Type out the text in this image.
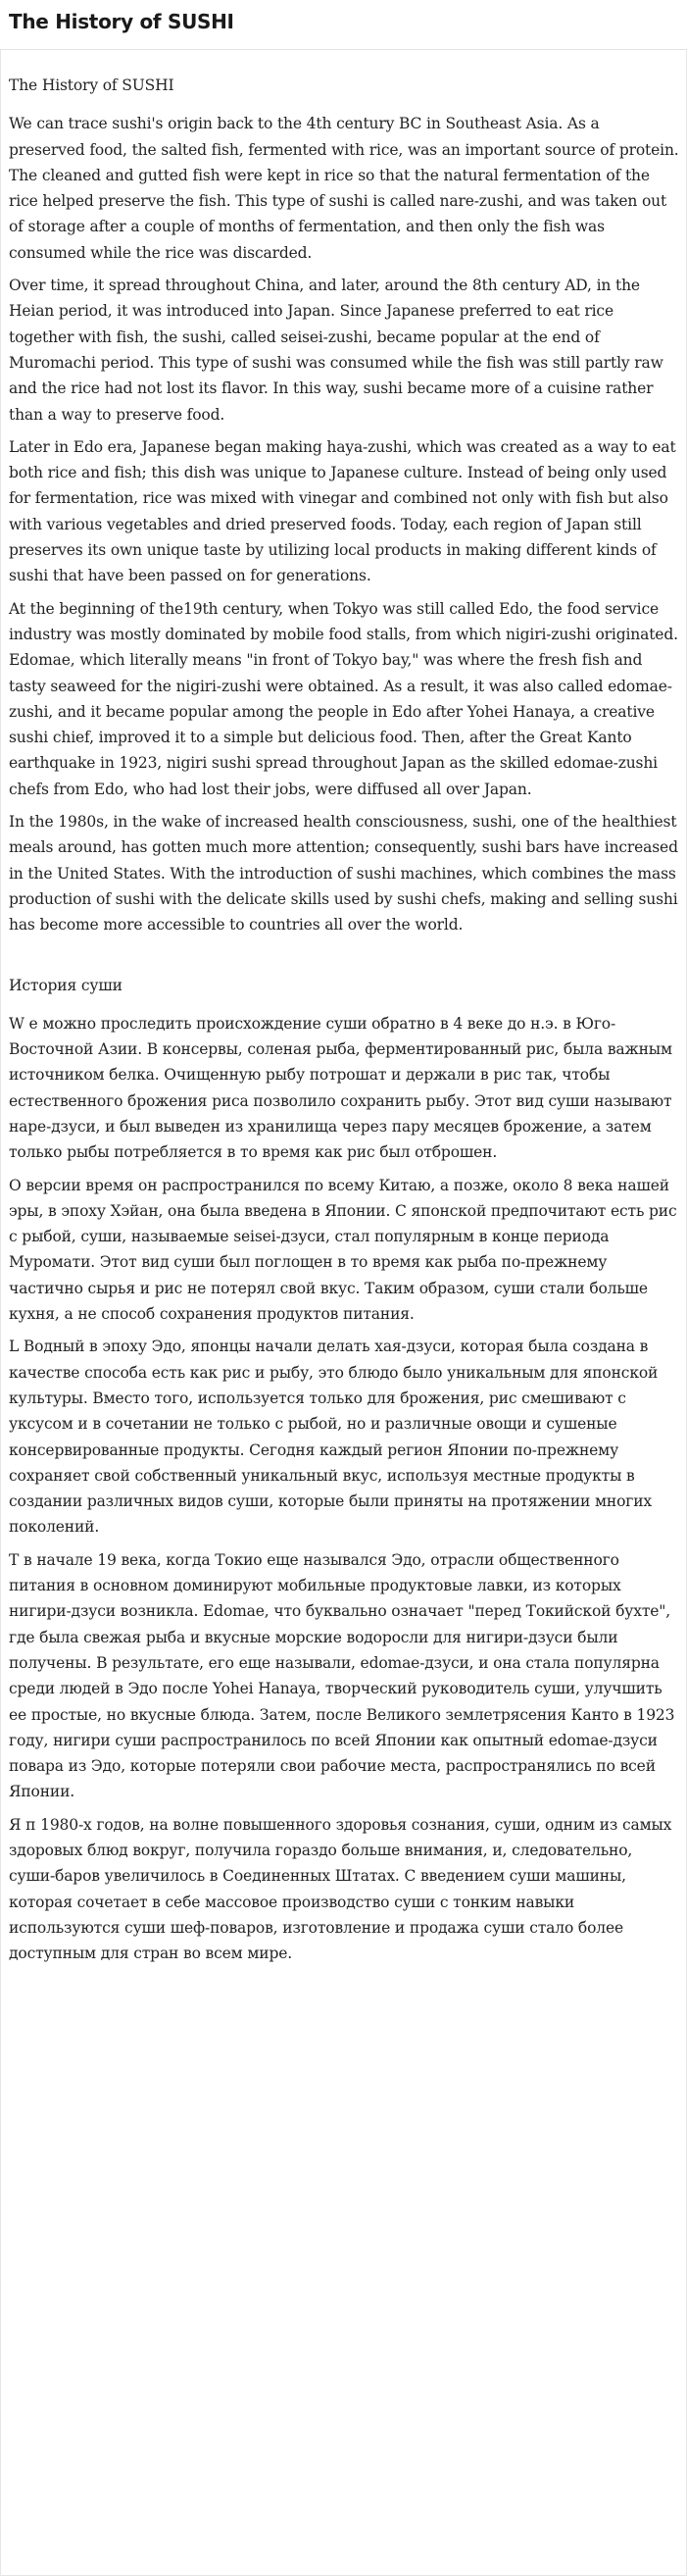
The History of SUSHI
The History of SUSHI

We can trace sushi's origin back to the 4th century BC in Southeast Asia. As a preserved food, the salted fish, fermented with rice, was an important source of protein. The cleaned and gutted fish were kept in rice so that the natural fermentation of the rice helped preserve the fish. This type of sushi is called nare-zushi, and was taken out of storage after a couple of months of fermentation, and then only the fish was consumed while the rice was discarded.

Over time, it spread throughout China, and later, around the 8th century AD, in the Heian period, it was introduced into Japan. Since Japanese preferred to eat rice together with fish, the sushi, called seisei-zushi, became popular at the end of Muromachi period. This type of sushi was consumed while the fish was still partly raw and the rice had not lost its flavor. In this way, sushi became more of a cuisine rather than a way to preserve food.

Later in Edo era, Japanese began making haya-zushi, which was created as a way to eat both rice and fish; this dish was unique to Japanese culture. Instead of being only used for fermentation, rice was mixed with vinegar and combined not only with fish but also with various vegetables and dried preserved foods. Today, each region of Japan still preserves its own unique taste by utilizing local products in making different kinds of sushi that have been passed on for generations.

At the beginning of the19th century, when Tokyo was still called Edo, the food service industry was mostly dominated by mobile food stalls, from which nigiri-zushi originated. Edomae, which literally means "in front of Tokyo bay," was where the fresh fish and tasty seaweed for the nigiri-zushi were obtained. As a result, it was also called edomae-zushi, and it became popular among the people in Edo after Yohei Hanaya, a creative sushi chief, improved it to a simple but delicious food. Then, after the Great Kanto earthquake in 1923, nigiri sushi spread throughout Japan as the skilled edomae-zushi chefs from Edo, who had lost their jobs, were diffused all over Japan.

In the 1980s, in the wake of increased health consciousness, sushi, one of the healthiest meals around, has gotten much more attention; consequently, sushi bars have increased in the United States. With the introduction of sushi machines, which combines the mass production of sushi with the delicate skills used by sushi chefs, making and selling sushi has become more accessible to countries all over the world.

История суши

W е можно проследить происхождение суши обратно в 4 веке до н.э. в Юго-Восточной Азии. В консервы, соленая рыба, ферментированный рис, была важным источником белка. Очищенную рыбу потрошат и держали в рис так, чтобы естественного брожения риса позволило сохранить рыбу. Этот вид суши называют наре-дзуси, и был выведен из хранилища через пару месяцев брожение, а затем только рыбы потребляется в то время как рис был отброшен.

О версии время он распространился по всему Китаю, а позже, около 8 века нашей эры, в эпоху Хэйан, она была введена в Японии. С японской предпочитают есть рис с рыбой, суши, называемые seisei-дзуси, стал популярным в конце периода Муромати. Этот вид суши был поглощен в то время как рыба по-прежнему частично сырья и рис не потерял свой вкус. Таким образом, суши стали больше кухня, а не способ сохранения продуктов питания.

L Водный в эпоху Эдо, японцы начали делать хая-дзуси, которая была создана в качестве способа есть как рис и рыбу, это блюдо было уникальным для японской культуры. Вместо того, используется только для брожения, рис смешивают с уксусом и в сочетании не только с рыбой, но и различные овощи и сушеные консервированные продукты. Сегодня каждый регион Японии по-прежнему сохраняет свой собственный уникальный вкус, используя местные продукты в создании различных видов суши, которые были приняты на протяжении многих поколений.

T в начале 19 века, когда Токио еще назывался Эдо, отрасли общественного питания в основном доминируют мобильные продуктовые лавки, из которых нигири-дзуси возникла. Edomae, что буквально означает "перед Токийской бухте", где была свежая рыба и вкусные морские водоросли для нигири-дзуси были получены. В результате, его еще называли, edomae-дзуси, и она стала популярна среди людей в Эдо после Yohei Hanaya, творческий руководитель суши, улучшить ее простые, но вкусные блюда. Затем, после Великого землетрясения Канто в 1923 году, нигири суши распространилось по всей Японии как опытный edomae-дзуси повара из Эдо, которые потеряли свои рабочие места, распространялись по всей Японии.

Я п 1980-х годов, на волне повышенного здоровья сознания, суши, одним из самых здоровых блюд вокруг, получила гораздо больше внимания, и, следовательно, суши-баров увеличилось в Соединенных Штатах. С введением суши машины, которая сочетает в себе массовое производство суши с тонким навыки используются суши шеф-поваров, изготовление и продажа суши стало более доступным для стран во всем мире.
